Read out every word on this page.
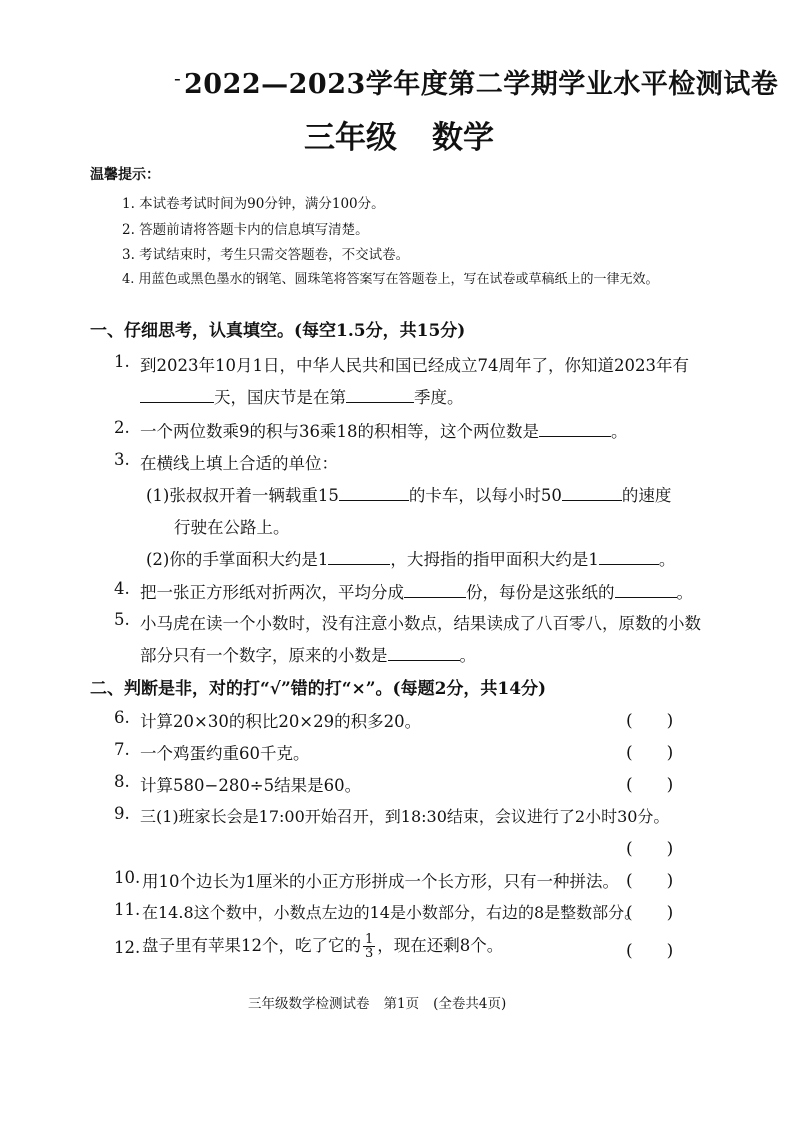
- 2022—2023学年度第二学期学业水平检测试卷
三年级 数学
温馨提示：
1. 本试卷考试时间为90分钟，满分100分。
2. 答题前请将答题卡内的信息填写清楚。
3. 考试结束时，考生只需交答题卷，不交试卷。
4. 用蓝色或黑色墨水的钢笔、圆珠笔将答案写在答题卷上，写在试卷或草稿纸上的一律无效。
一、仔细思考，认真填空。(每空1.5分，共15分)
1. 到2023年10月1日，中华人民共和国已经成立74周年了，你知道2023年有
天，国庆节是在第	季度。
2. 一个两位数乘9的积与36乘18的积相等，这个两位数是	。
3. 在横线上填上合适的单位：
(1)张叔叔开着一辆载重15	的卡车，以每小时50	的速度
行驶在公路上。
(2)你的手掌面积大约是1	，大拇指的指甲面积大约是1	。
4. 把一张正方形纸对折两次，平均分成	份，每份是这张纸的	。
5. 小马虎在读一个小数时，没有注意小数点，结果读成了八百零八，原数的小数
部分只有一个数字，原来的小数是	。
二、判断是非，对的打“√”错的打“×”。(每题2分，共14分)
6. 计算20×30的积比20×29的积多20。	(　　)
7. 一个鸡蛋约重60千克。	(　　)
8. 计算580−280÷5结果是60。	(　　)
9. 三(1)班家长会是17:00开始召开，到18:30结束，会议进行了2小时30分。
(　　)
10. 用10个边长为1厘米的小正方形拼成一个长方形，只有一种拼法。 (　　)
11. 在14.8这个数中，小数点左边的14是小数部分，右边的8是整数部分。
(　　)
12. 盘子里有苹果12个，吃了它的 $\frac{1}{3}$ ，现在还剩8个。	(　　)
三年级数学检测试卷 第1页 (全卷共4页)
